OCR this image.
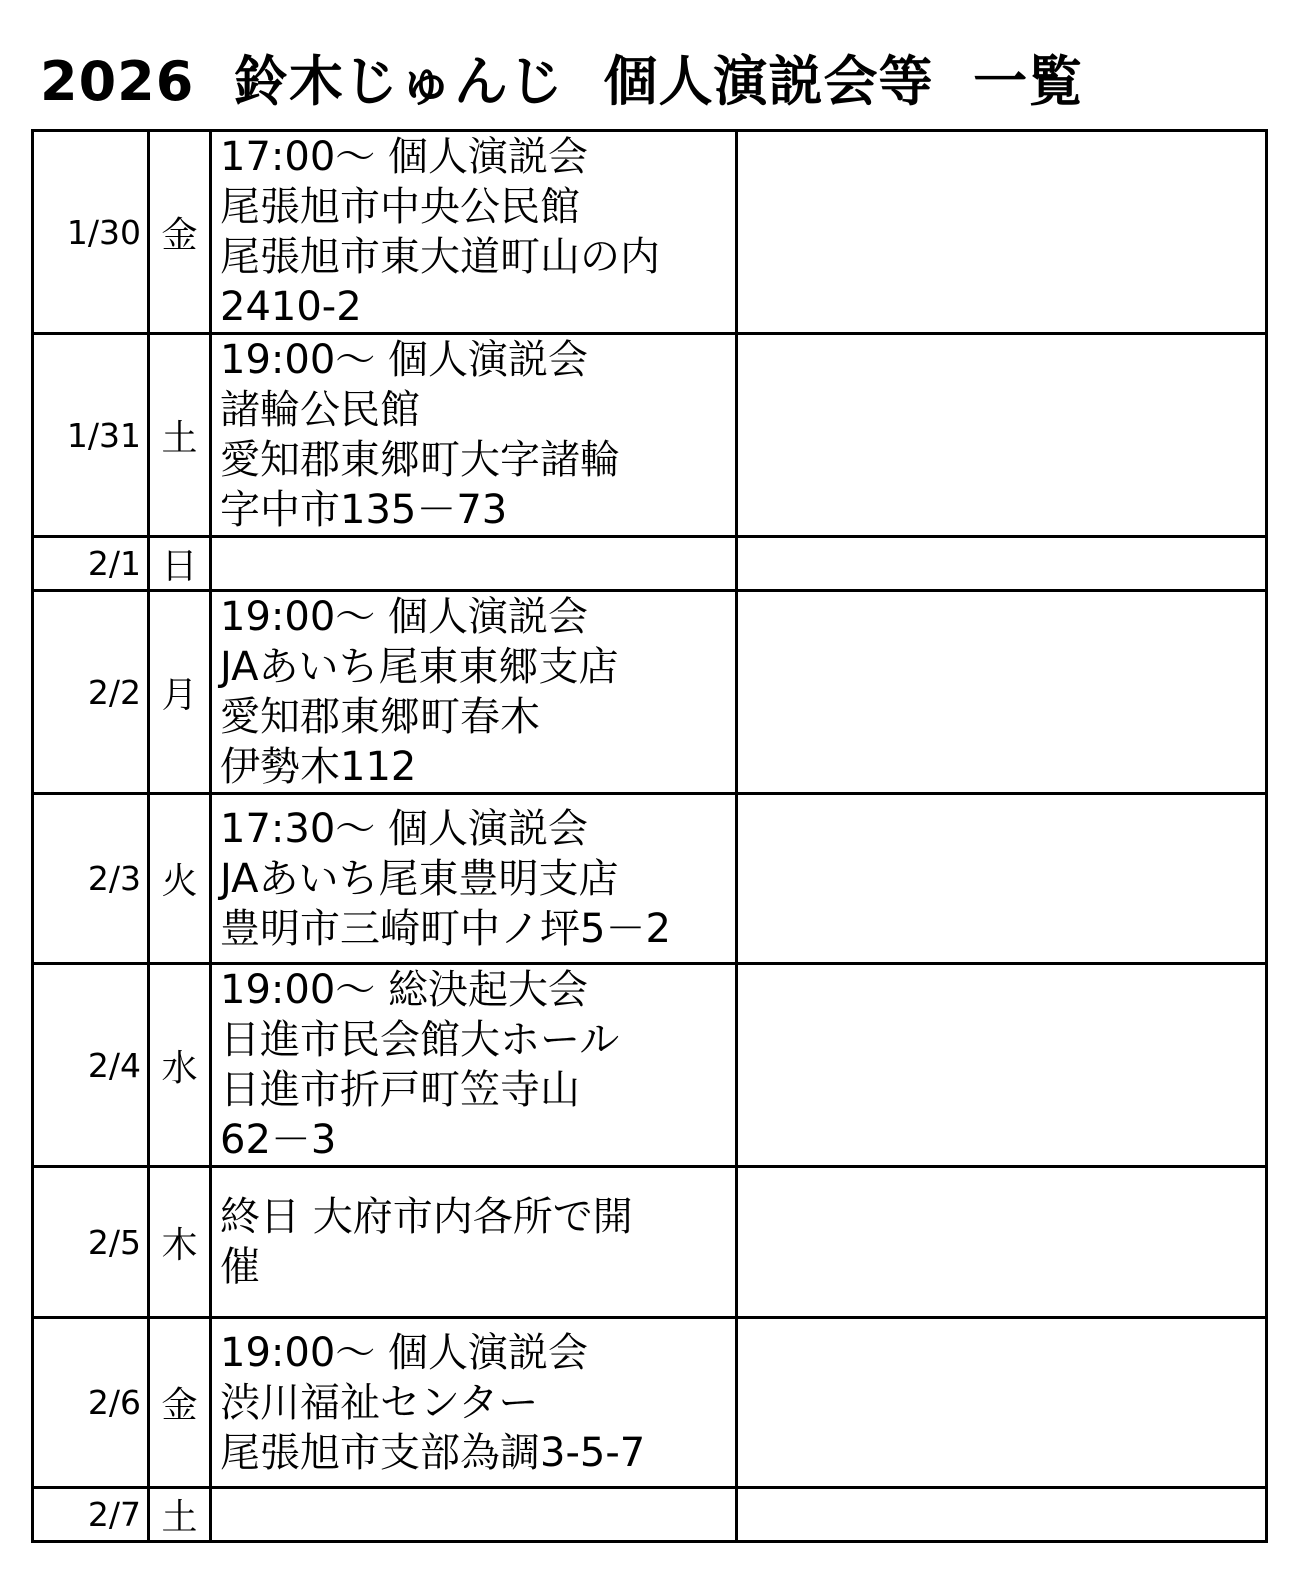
2026  鈴木じゅんじ  個人演説会等  一覧
1/30	金	17:00～ 個人演説会
尾張旭市中央公民館
尾張旭市東大道町山の内
2410-2	

1/31	土	19:00～ 個人演説会
諸輪公民館
愛知郡東郷町大字諸輪
字中市135－73	

2/1	日		
2/2	月	19:00～ 個人演説会
JAあいち尾東東郷支店
愛知郡東郷町春木
伊勢木112	

2/3	火	17:30～ 個人演説会
JAあいち尾東豊明支店
豊明市三崎町中ノ坪5－2	

2/4	水	19:00～ 総決起大会
日進市民会館大ホール
日進市折戸町笠寺山
62－3	

2/5	木	終日 大府市内各所で開
催	

2/6	金	19:00～ 個人演説会
渋川福祉センター
尾張旭市支部為調3-5-7	

2/7	土		
